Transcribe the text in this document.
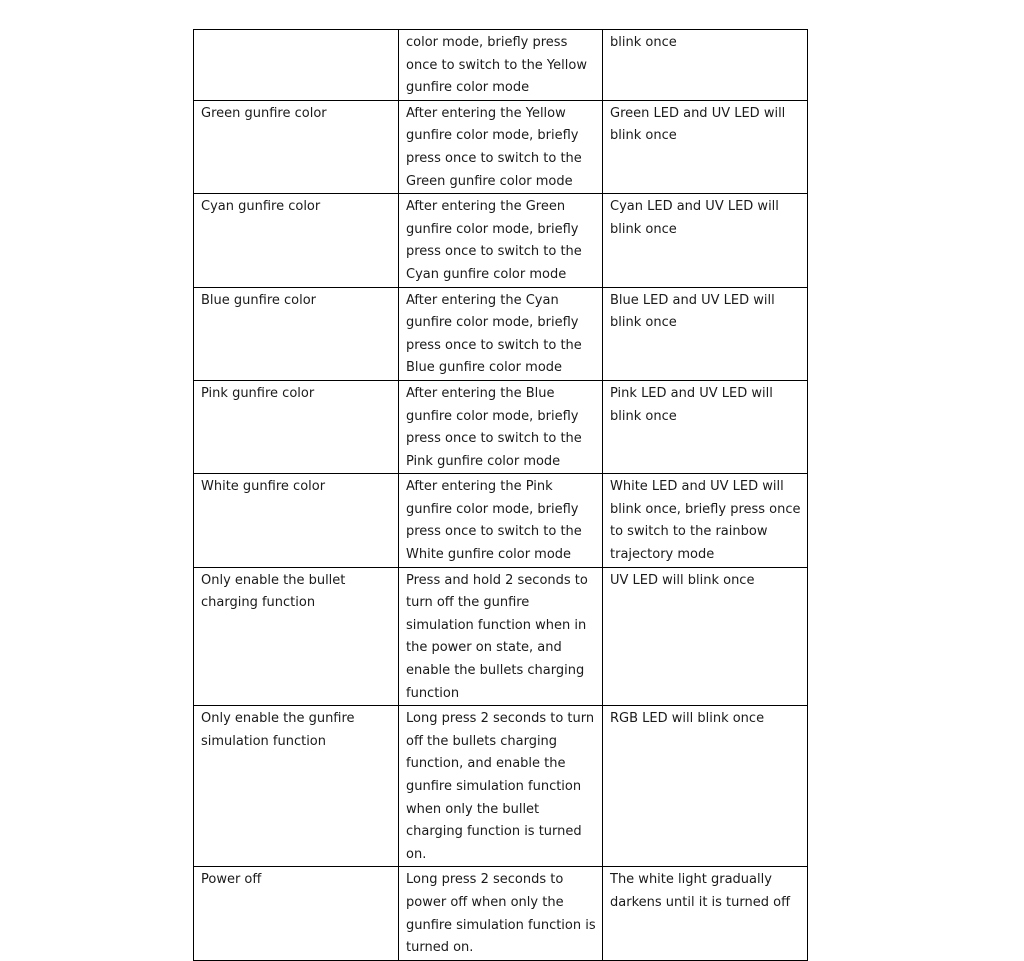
	color mode, briefly press once to switch to the Yellow gunfire color mode	blink once
Green gunfire color	After entering the Yellow gunfire color mode, briefly press once to switch to the Green gunfire color mode	Green LED and UV LED will blink once
Cyan gunfire color	After entering the Green gunfire color mode, briefly press once to switch to the Cyan gunfire color mode	Cyan LED and UV LED will blink once
Blue gunfire color	After entering the Cyan gunfire color mode, briefly press once to switch to the Blue gunfire color mode	Blue LED and UV LED will blink once
Pink gunfire color	After entering the Blue gunfire color mode, briefly press once to switch to the Pink gunfire color mode	Pink LED and UV LED will blink once
White gunfire color	After entering the Pink gunfire color mode, briefly press once to switch to the White gunfire color mode	White LED and UV LED will blink once, briefly press once to switch to the rainbow trajectory mode
Only enable the bullet charging function	Press and hold 2 seconds to turn off the gunfire simulation function when in the power on state, and enable the bullets charging function	UV LED will blink once
Only enable the gunfire simulation function	Long press 2 seconds to turn off the bullets charging function, and enable the gunfire simulation function when only the bullet charging function is turned on.	RGB LED will blink once
Power off	Long press 2 seconds to power off when only the gunfire simulation function is turned on.	The white light gradually darkens until it is turned off
